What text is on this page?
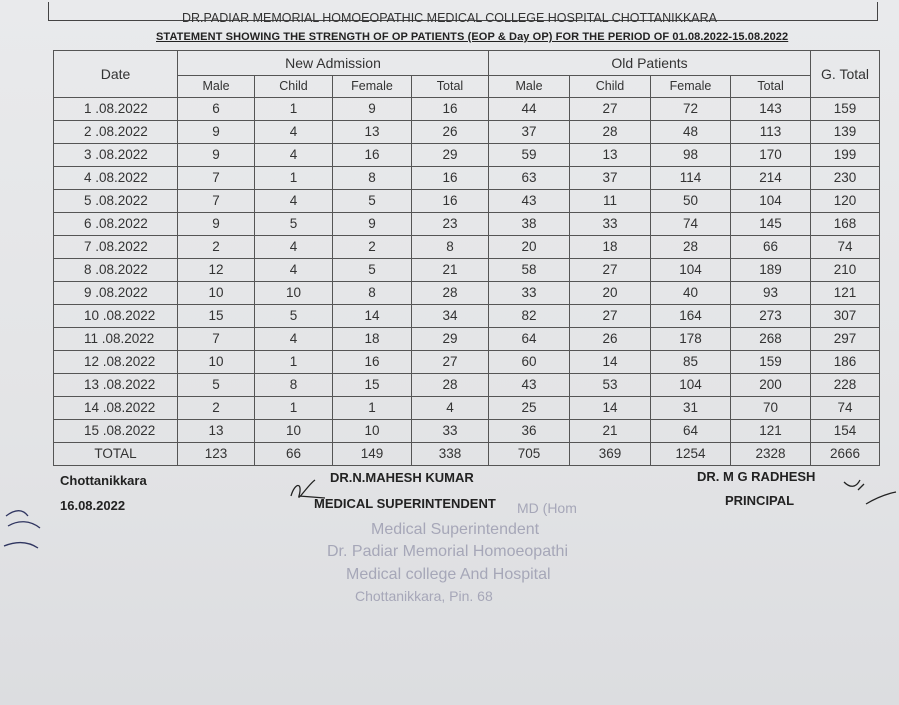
DR.PADIAR MEMORIAL HOMOEOPATHIC MEDICAL COLLEGE HOSPITAL CHOTTANIKKARA
STATEMENT SHOWING THE STRENGTH OF OP PATIENTS (EOP & Day OP) FOR THE PERIOD OF 01.08.2022-15.08.2022
Date	New Admission				Old Patients				G. Total
	Male	Child	Female	Total	Male	Child	Female	Total	
1 .08.2022	6	1	9	16	44	27	72	143	159
2 .08.2022	9	4	13	26	37	28	48	113	139
3 .08.2022	9	4	16	29	59	13	98	170	199
4 .08.2022	7	1	8	16	63	37	114	214	230
5 .08.2022	7	4	5	16	43	11	50	104	120
6 .08.2022	9	5	9	23	38	33	74	145	168
7 .08.2022	2	4	2	8	20	18	28	66	74
8 .08.2022	12	4	5	21	58	27	104	189	210
9 .08.2022	10	10	8	28	33	20	40	93	121
10 .08.2022	15	5	14	34	82	27	164	273	307
11 .08.2022	7	4	18	29	64	26	178	268	297
12 .08.2022	10	1	16	27	60	14	85	159	186
13 .08.2022	5	8	15	28	43	53	104	200	228
14 .08.2022	2	1	1	4	25	14	31	70	74
15 .08.2022	13	10	10	33	36	21	64	121	154
TOTAL	123	66	149	338	705	369	1254	2328	2666
Chottanikkara
16.08.2022
DR.N.MAHESH KUMAR
MEDICAL SUPERINTENDENT
DR. M G RADHESH
PRINCIPAL
MD (Hom
Medical Superintendent
Dr. Padiar Memorial Homoeopathi
Medical college And Hospital
Chottanikkara, Pin. 68
